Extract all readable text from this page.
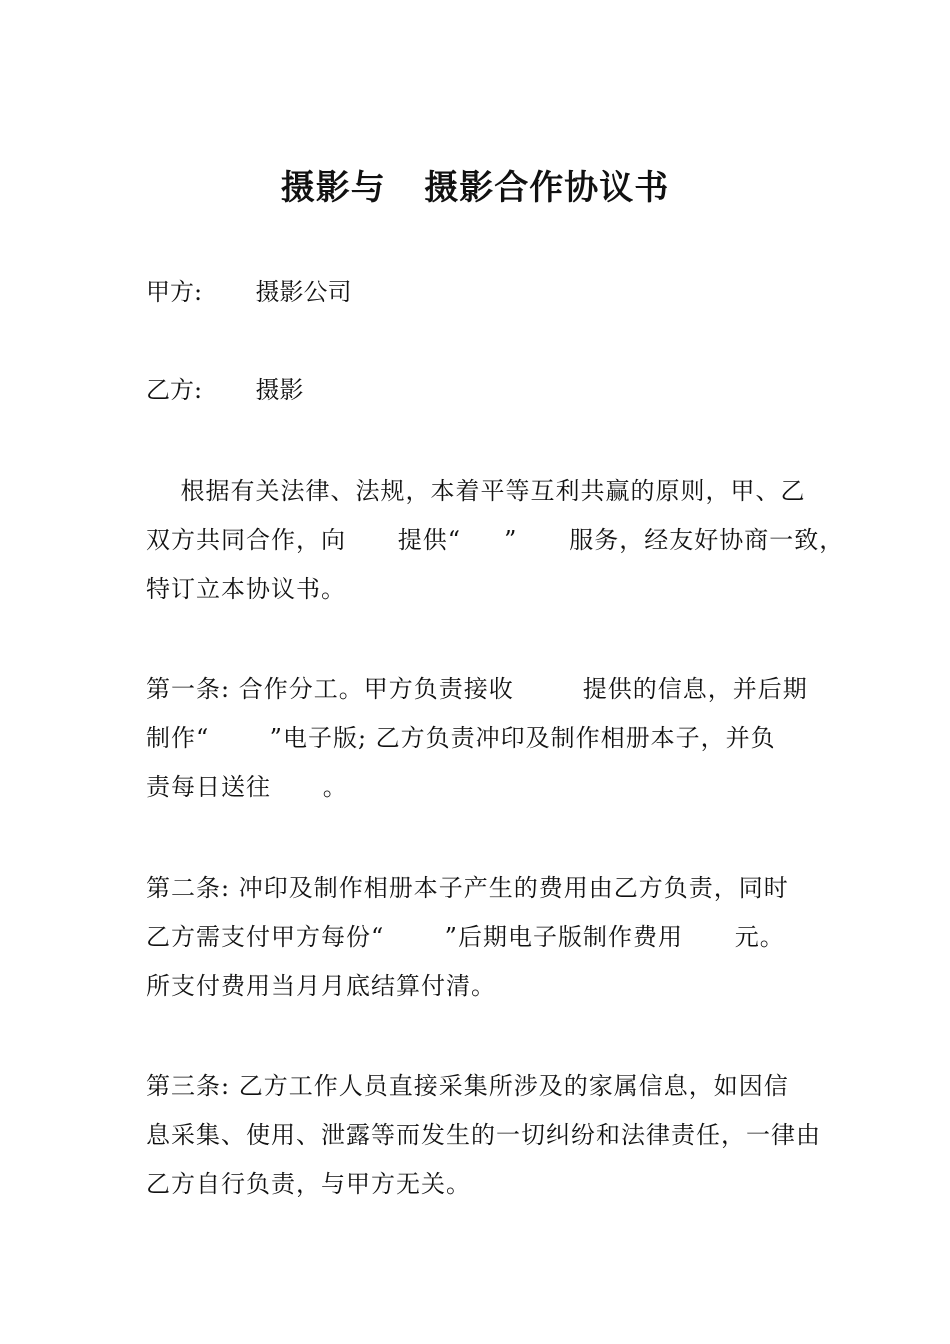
摄影与   摄影合作协议书
甲方:       摄影公司
乙方:       摄影
根据有关法律、法规，本着平等互利共赢的原则，甲、乙
双方共同合作，向      提供“     ”      服务，经友好协商一致，
特订立本协议书。
第一条: 合作分工。甲方负责接收        提供的信息，并后期
制作“       ”电子版; 乙方负责冲印及制作相册本子，并负
责每日送往      。
第二条: 冲印及制作相册本子产生的费用由乙方负责，同时
乙方需支付甲方每份“       ”后期电子版制作费用      元。
所支付费用当月月底结算付清。
第三条: 乙方工作人员直接采集所涉及的家属信息，如因信
息采集、使用、泄露等而发生的一切纠纷和法律责任，一律由
乙方自行负责，与甲方无关。
